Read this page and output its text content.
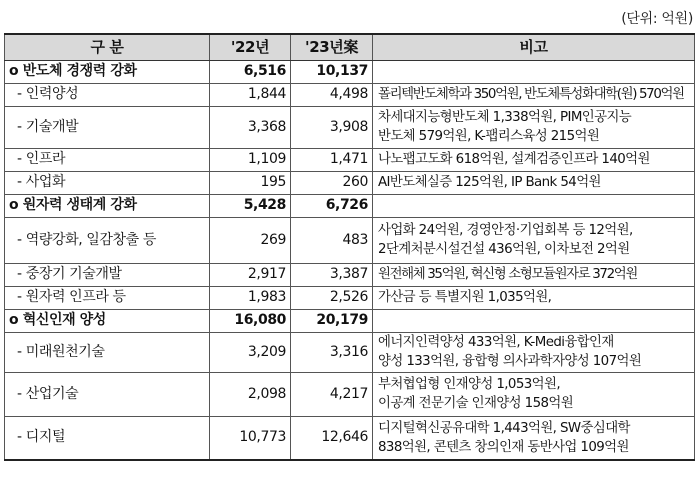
(단위: 억원)
구 분	'22년	'23년案	비고
o 반도체 경쟁력 강화	6,516	10,137	
- 인력양성	1,844	4,498	폴리텍반도체학과 350억원, 반도체특성화대학(원) 570억원
- 기술개발	3,368	3,908	차세대지능형반도체 1,338억원, PIM인공지능
반도체 579억원, K-팹리스육성 215억원
- 인프라	1,109	1,471	나노팹고도화 618억원, 설계검증인프라 140억원
- 사업화	195	260	AI반도체실증 125억원, IP Bank 54억원
o 원자력 생태계 강화	5,428	6,726	
- 역량강화, 일감창출 등	269	483	사업화 24억원, 경영안정·기업회복 등 12억원,
2단계처분시설건설 436억원, 이차보전 2억원
- 중장기 기술개발	2,917	3,387	원전해체 35억원, 혁신형 소형모듈원자로 372억원
- 원자력 인프라 등	1,983	2,526	가산금 등 특별지원 1,035억원,
o 혁신인재 양성	16,080	20,179	
- 미래원천기술	3,209	3,316	에너지인력양성 433억원, K-Medi융합인재
양성 133억원, 융합형 의사과학자양성 107억원
- 산업기술	2,098	4,217	부처협업형 인재양성 1,053억원,
이공계 전문기술 인재양성 158억원
- 디지털	10,773	12,646	디지털혁신공유대학 1,443억원, SW중심대학
838억원, 콘텐츠 창의인재 동반사업 109억원
